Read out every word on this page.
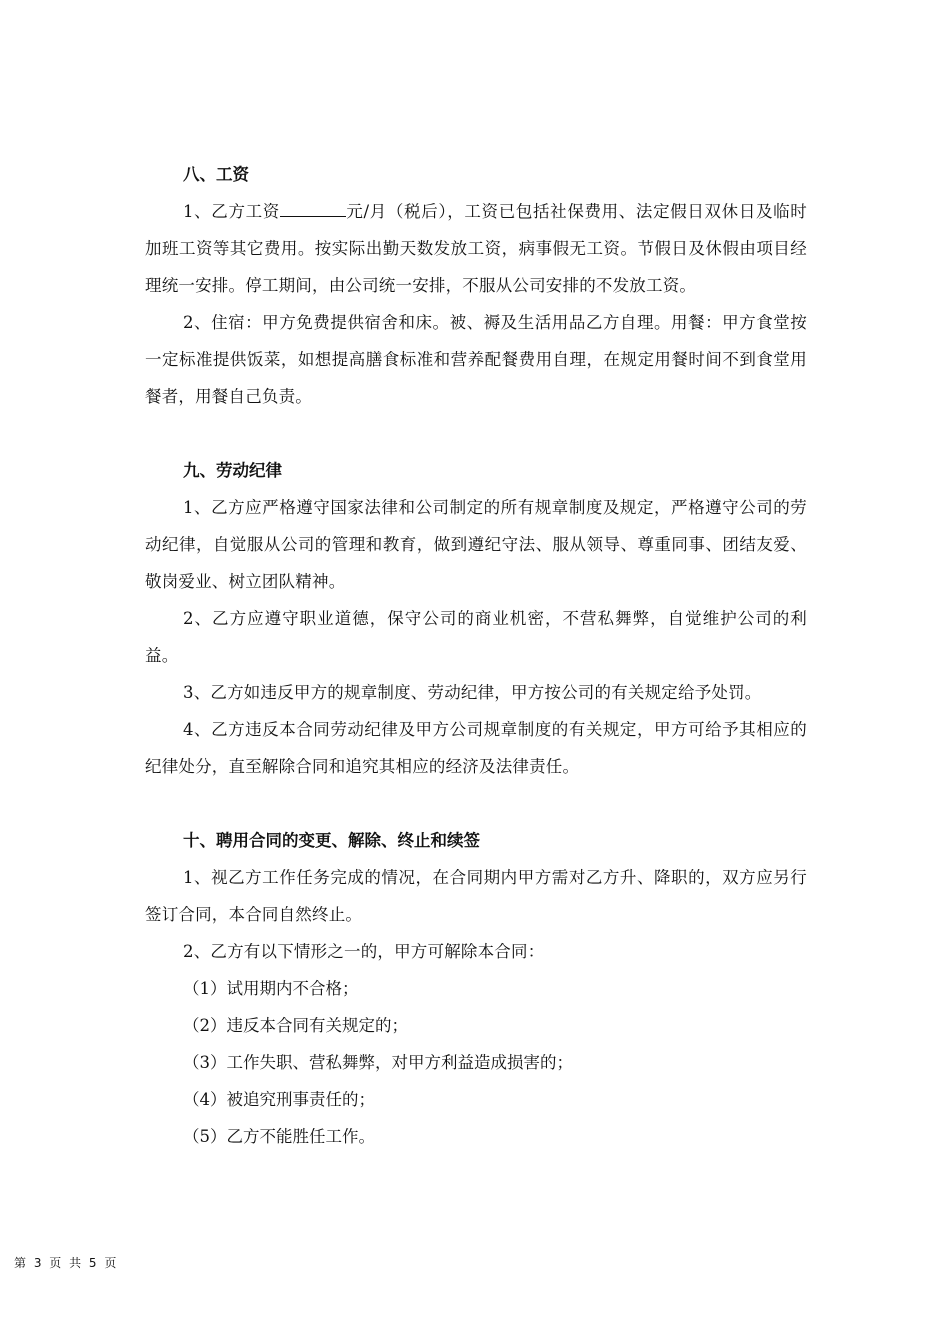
八、工资

1、乙方工资	元/月（税后），工资已包括社保费用、法定假日双休日及临时加班工资等其它费用。按实际出勤天数发放工资，病事假无工资。节假日及休假由项目经理统一安排。停工期间，由公司统一安排，不服从公司安排的不发放工资。

2、住宿：甲方免费提供宿舍和床。被、褥及生活用品乙方自理。用餐：甲方食堂按一定标准提供饭菜，如想提高膳食标准和营养配餐费用自理，在规定用餐时间不到食堂用餐者，用餐自己负责。

九、劳动纪律

1、乙方应严格遵守国家法律和公司制定的所有规章制度及规定，严格遵守公司的劳动纪律，自觉服从公司的管理和教育，做到遵纪守法、服从领导、尊重同事、团结友爱、敬岗爱业、树立团队精神。

2、乙方应遵守职业道德，保守公司的商业机密，不营私舞弊，自觉维护公司的利益。

3、乙方如违反甲方的规章制度、劳动纪律，甲方按公司的有关规定给予处罚。

4、乙方违反本合同劳动纪律及甲方公司规章制度的有关规定，甲方可给予其相应的纪律处分，直至解除合同和追究其相应的经济及法律责任。

十、聘用合同的变更、解除、终止和续签

1、视乙方工作任务完成的情况，在合同期内甲方需对乙方升、降职的，双方应另行签订合同，本合同自然终止。

2、乙方有以下情形之一的，甲方可解除本合同：

（1）试用期内不合格；

（2）违反本合同有关规定的；

（3）工作失职、营私舞弊，对甲方利益造成损害的；

（4）被追究刑事责任的；

（5）乙方不能胜任工作。

第 3 页 共 5 页
